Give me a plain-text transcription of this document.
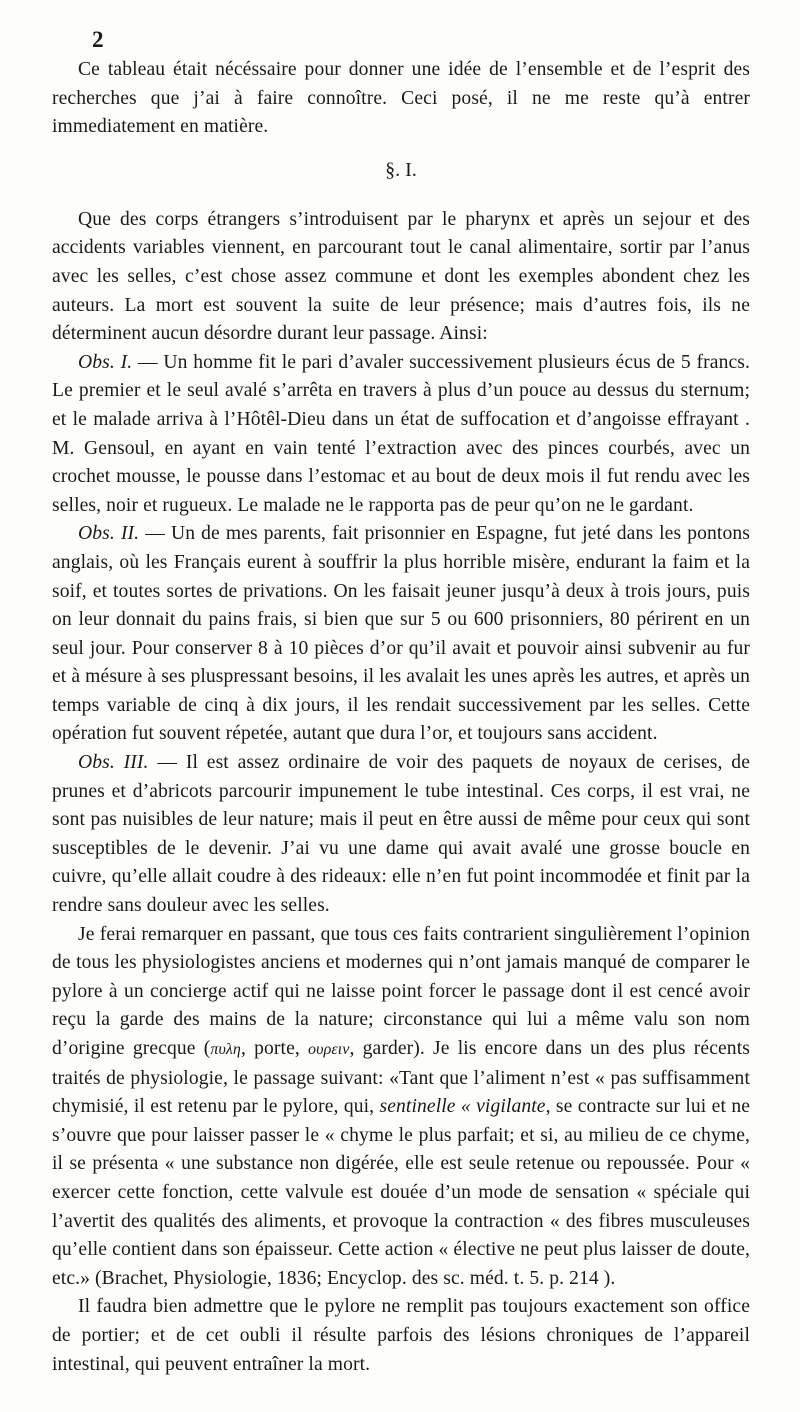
2

Ce tableau était nécéssaire pour donner une idée de l’ensemble et de l’esprit des recherches que j’ai à faire connoître. Ceci posé, il ne me reste qu’à entrer immediatement en matière.

§. I.

Que des corps étrangers s’introduisent par le pharynx et après un sejour et des accidents variables viennent, en parcourant tout le canal alimentaire, sortir par l’anus avec les selles, c’est chose assez commune et dont les exemples abondent chez les auteurs. La mort est souvent la suite de leur présence; mais d’autres fois, ils ne déterminent aucun désordre durant leur passage. Ainsi:

Obs. I. — Un homme fit le pari d’avaler successivement plusieurs écus de 5 francs. Le premier et le seul avalé s’arrêta en travers à plus d’un pouce au dessus du sternum; et le malade arriva à l’Hôtêl-Dieu dans un état de suffocation et d’angoisse effrayant . M. Gensoul, en ayant en vain tenté l’extraction avec des pinces courbés, avec un crochet mousse, le pousse dans l’estomac et au bout de deux mois il fut rendu avec les selles, noir et rugueux. Le malade ne le rapporta pas de peur qu’on ne le gardant.

Obs. II. — Un de mes parents, fait prisonnier en Espagne, fut jeté dans les pontons anglais, où les Français eurent à souffrir la plus horrible misère, endurant la faim et la soif, et toutes sortes de privations. On les faisait jeuner jusqu’à deux à trois jours, puis on leur donnait du pains frais, si bien que sur 5 ou 600 prisonniers, 80 périrent en un seul jour. Pour conserver 8 à 10 pièces d’or qu’il avait et pouvoir ainsi subvenir au fur et à mésure à ses pluspressant besoins, il les avalait les unes après les autres, et après un temps variable de cinq à dix jours, il les rendait successivement par les selles. Cette opération fut souvent répetée, autant que dura l’or, et toujours sans accident.

Obs. III. — Il est assez ordinaire de voir des paquets de noyaux de cerises, de prunes et d’abricots parcourir impunement le tube intestinal. Ces corps, il est vrai, ne sont pas nuisibles de leur nature; mais il peut en être aussi de même pour ceux qui sont susceptibles de le devenir. J’ai vu une dame qui avait avalé une grosse boucle en cuivre, qu’elle allait coudre à des rideaux: elle n’en fut point incommodée et finit par la rendre sans douleur avec les selles.

Je ferai remarquer en passant, que tous ces faits contrarient singulièrement l’opinion de tous les physiologistes anciens et modernes qui n’ont jamais manqué de comparer le pylore à un concierge actif qui ne laisse point forcer le passage dont il est cencé avoir reçu la garde des mains de la nature; circonstance qui lui a même valu son nom d’origine grecque (πυλη, porte, ουρειν, garder). Je lis encore dans un des plus récents traités de physiologie, le passage suivant: «Tant que l’aliment n’est « pas suffisamment chymisié, il est retenu par le pylore, qui, sentinelle « vigilante, se contracte sur lui et ne s’ouvre que pour laisser passer le « chyme le plus parfait; et si, au milieu de ce chyme, il se présenta « une substance non digérée, elle est seule retenue ou repoussée. Pour « exercer cette fonction, cette valvule est douée d’un mode de sensation « spéciale qui l’avertit des qualités des aliments, et provoque la contraction « des fibres musculeuses qu’elle contient dans son épaisseur. Cette action « élective ne peut plus laisser de doute, etc.» (Brachet, Physiologie, 1836; Encyclop. des sc. méd. t. 5. p. 214 ).

Il faudra bien admettre que le pylore ne remplit pas toujours exactement son office de portier; et de cet oubli il résulte parfois des lésions chroniques de l’appareil intestinal, qui peuvent entraîner la mort.
